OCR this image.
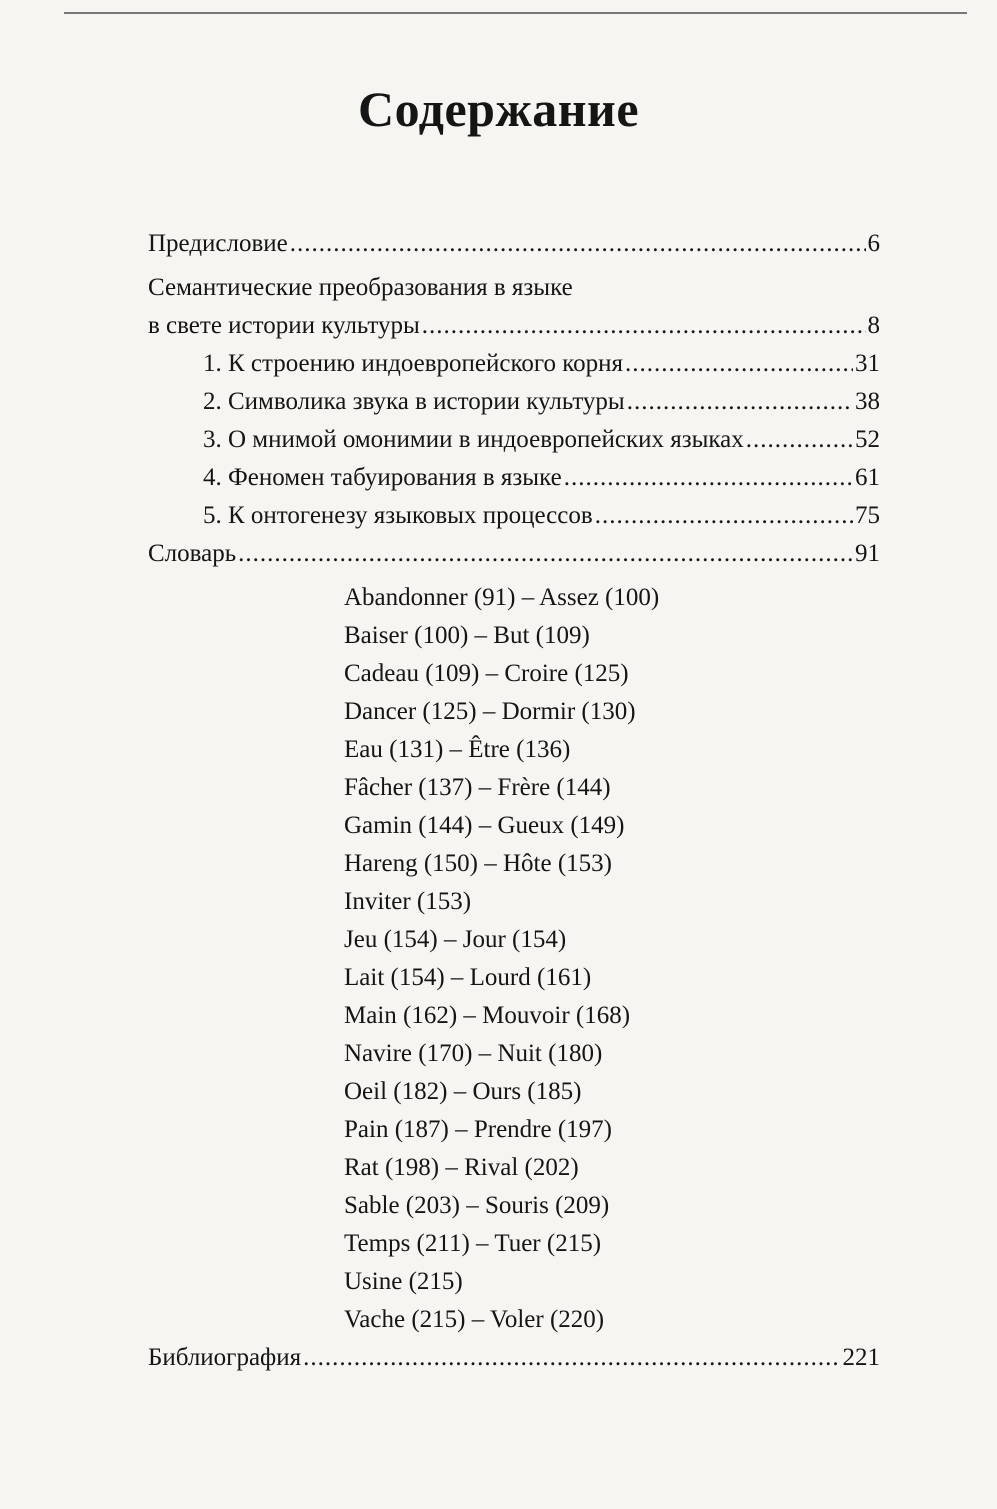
Содержание
Предисловие .....	6
Семантические преобразования в языке
в свете истории культуры .....	8
1. К строению индоевропейского корня .....	31
2. Символика звука в истории культуры .....	38
3. О мнимой омонимии в индоевропейских языках .....	52
4. Феномен табуирования в языке .....	61
5. К онтогенезу языковых процессов .....	75
Словарь .....	91
Abandonner (91) – Assez (100)
Baiser (100) – But (109)
Cadeau (109) – Croire (125)
Dancer (125) – Dormir (130)
Eau (131) – Être (136)
Fâcher (137) – Frère (144)
Gamin (144) – Gueux (149)
Hareng (150) – Hôte (153)
Inviter (153)
Jeu (154) – Jour (154)
Lait (154) – Lourd (161)
Main (162) – Mouvoir (168)
Navire (170) – Nuit (180)
Oeil (182) – Ours (185)
Pain (187) – Prendre (197)
Rat (198) – Rival (202)
Sable (203) – Souris (209)
Temps (211) – Tuer (215)
Usine (215)
Vache (215) – Voler (220)
Библиография .....	221
